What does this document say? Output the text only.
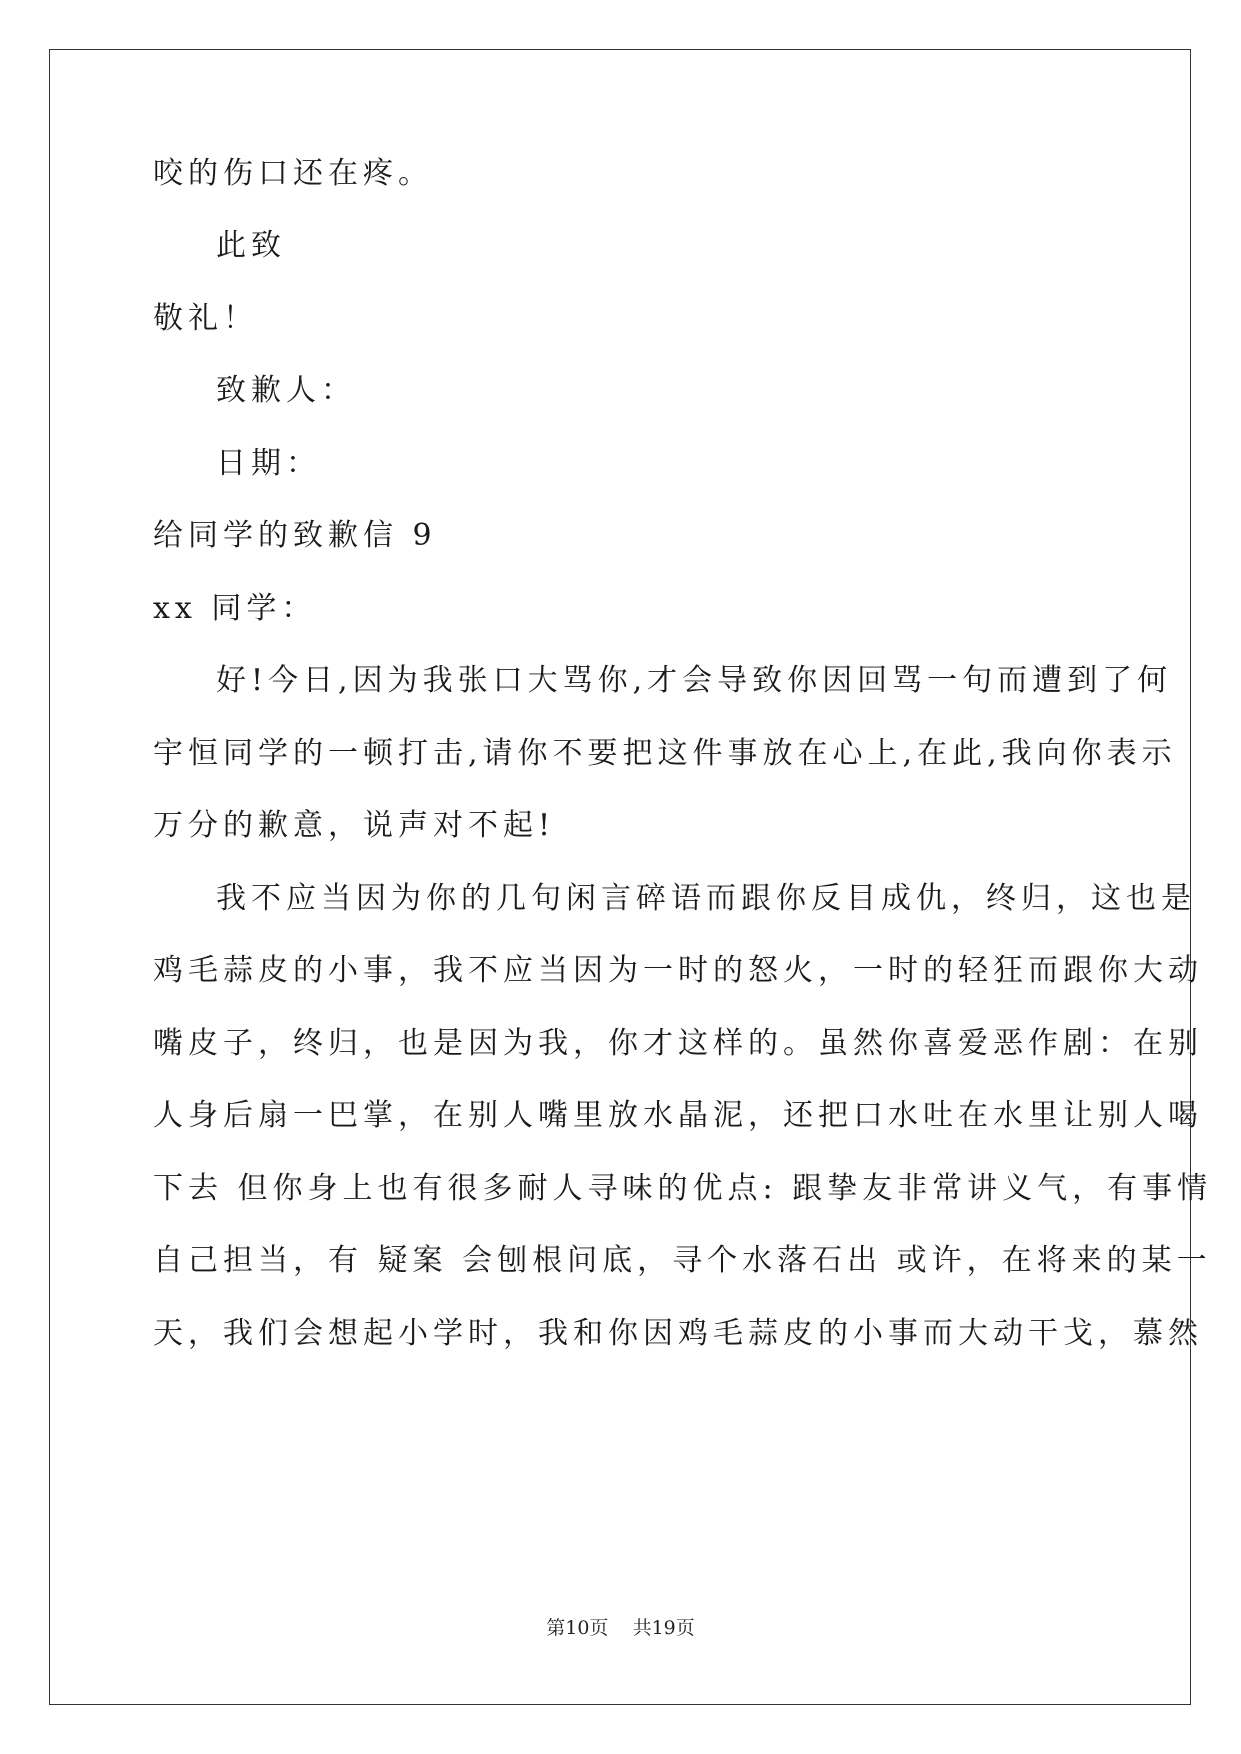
咬的伤口还在疼。
此致
敬礼！
致歉人：
日期：
给同学的致歉信 9
xx 同学：
好!今日,因为我张口大骂你,才会导致你因回骂一句而遭到了何
宇恒同学的一顿打击,请你不要把这件事放在心上,在此,我向你表示
万分的歉意，说声对不起!
我不应当因为你的几句闲言碎语而跟你反目成仇，终归，这也是
鸡毛蒜皮的小事，我不应当因为一时的怒火，一时的轻狂而跟你大动
嘴皮子，终归，也是因为我，你才这样的。虽然你喜爱恶作剧：在别
人身后扇一巴掌，在别人嘴里放水晶泥，还把口水吐在水里让别人喝
下去 但你身上也有很多耐人寻味的优点: 跟挚友非常讲义气，有事情
自己担当，有 疑案 会刨根问底，寻个水落石出 或许，在将来的某一
天，我们会想起小学时，我和你因鸡毛蒜皮的小事而大动干戈，慕然
第10页    共19页
